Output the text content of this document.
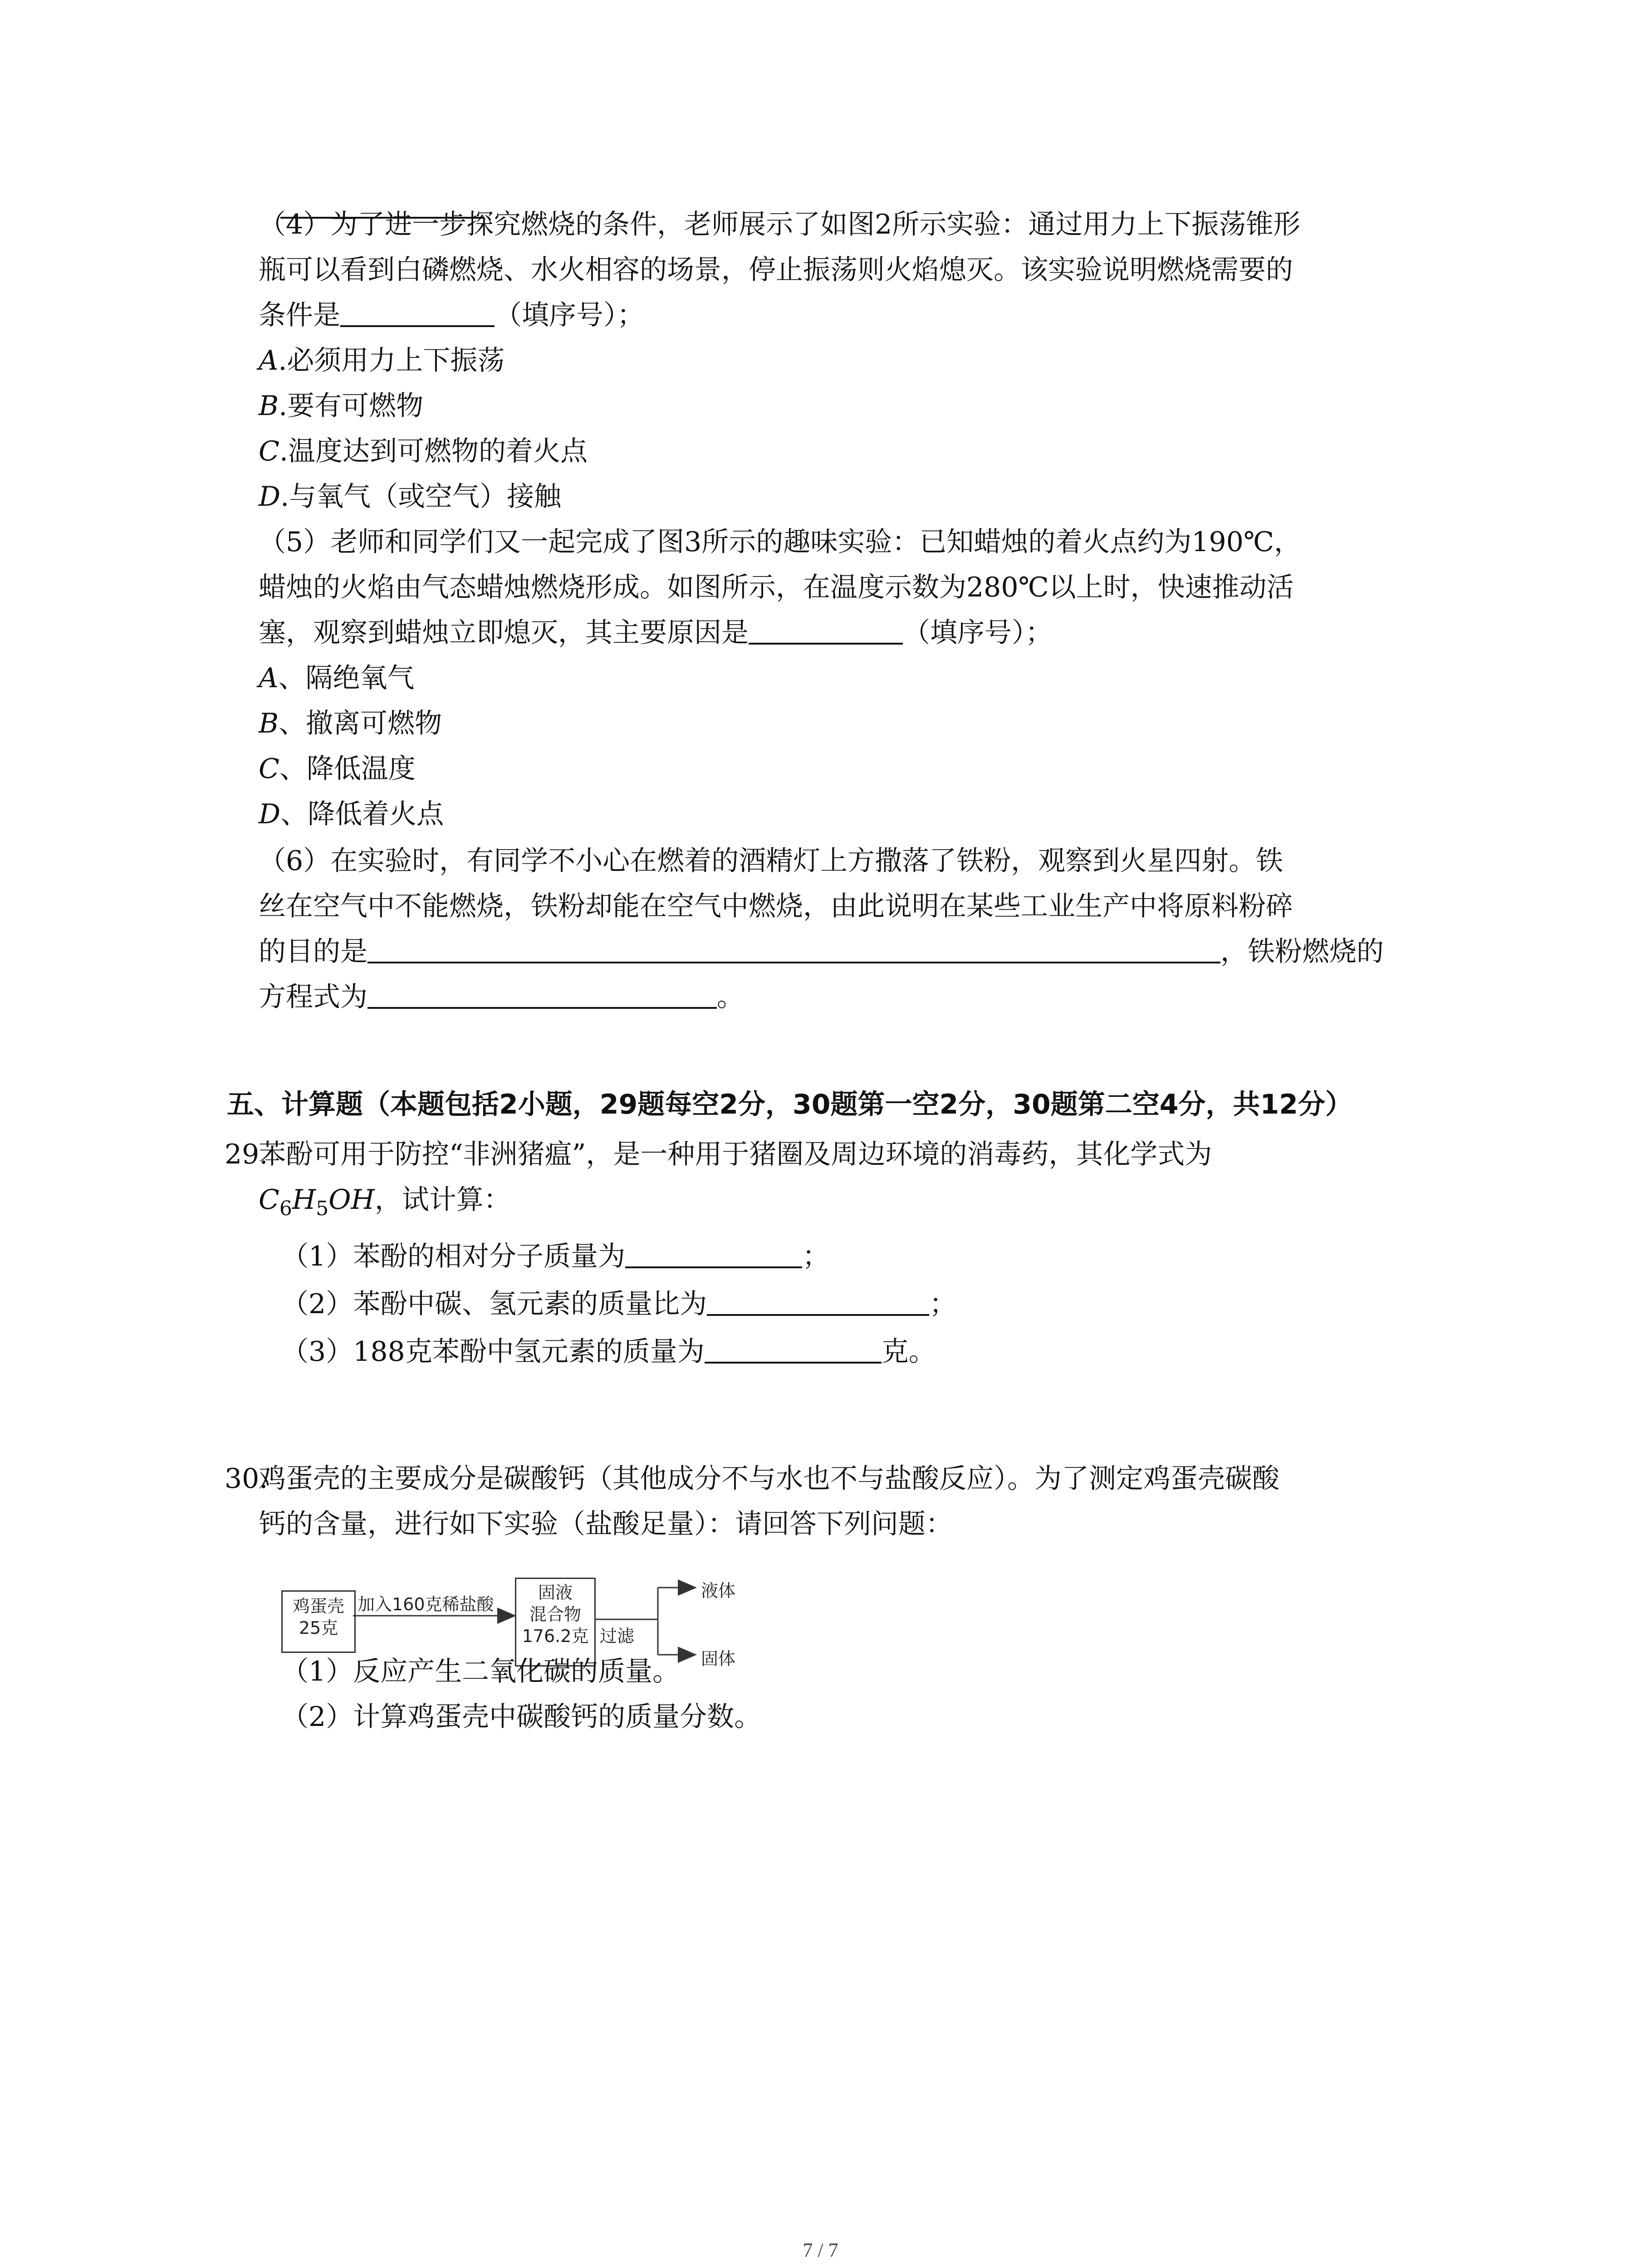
（4）为了进一步探究燃烧的条件，老师展示了如图2所示实验：通过用力上下振荡锥形
瓶可以看到白磷燃烧、水火相容的场景，停止振荡则火焰熄灭。该实验说明燃烧需要的
条件是	（填序号）；
A.必须用力上下振荡
B.要有可燃物
C.温度达到可燃物的着火点
D.与氧气（或空气）接触
（5）老师和同学们又一起完成了图3所示的趣味实验：已知蜡烛的着火点约为190℃，
蜡烛的火焰由气态蜡烛燃烧形成。如图所示，在温度示数为280℃以上时，快速推动活
塞，观察到蜡烛立即熄灭，其主要原因是	（填序号）；
A、隔绝氧气
B、撤离可燃物
C、降低温度
D、降低着火点
（6）在实验时，有同学不小心在燃着的酒精灯上方撒落了铁粉，观察到火星四射。铁
丝在空气中不能燃烧，铁粉却能在空气中燃烧，由此说明在某些工业生产中将原料粉碎
的目的是	，铁粉燃烧的
方程式为	。
五、计算题（本题包括2小题，29题每空2分，30题第一空2分，30题第二空4分，共12分）
29.
苯酚可用于防控“非洲猪瘟”，是一种用于猪圈及周边环境的消毒药，其化学式为
$C_6H_5OH$，试计算：
（1）苯酚的相对分子质量为	；
（2）苯酚中碳、氢元素的质量比为	；
（3）188克苯酚中氢元素的质量为	克。
30.
鸡蛋壳的主要成分是碳酸钙（其他成分不与水也不与盐酸反应）。为了测定鸡蛋壳碳酸
钙的含量，进行如下实验（盐酸足量）：请回答下列问题：
鸡蛋壳
25克
加入160克稀盐酸
固液
混合物
176.2克 过滤
液体
固体
（1）反应产生二氧化碳的质量。
（2）计算鸡蛋壳中碳酸钙的质量分数。
7 / 7
